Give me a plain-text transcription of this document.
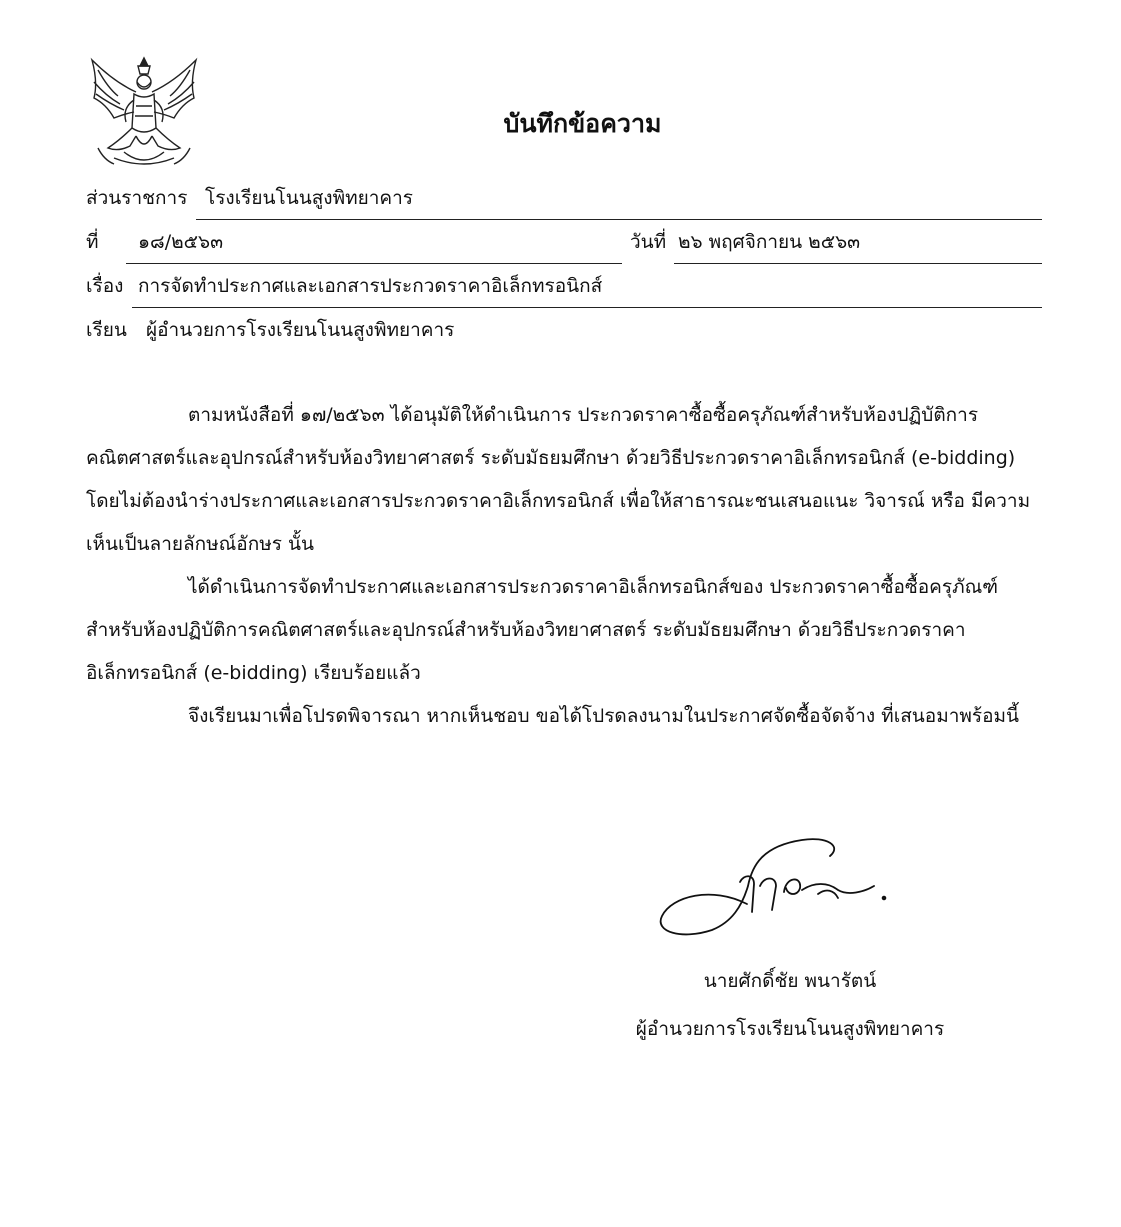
บันทึกข้อความ
ส่วนราชการ โรงเรียนโนนสูงพิทยาคาร
ที่ ๑๘/๒๕๖๓	วันที่ ๒๖ พฤศจิกายน ๒๕๖๓
เรื่อง การจัดทำประกาศและเอกสารประกวดราคาอิเล็กทรอนิกส์
เรียน ผู้อำนวยการโรงเรียนโนนสูงพิทยาคาร

ตามหนังสือที่ ๑๗/๒๕๖๓ ได้อนุมัติให้ดำเนินการ ประกวดราคาซื้อซื้อครุภัณฑ์สำหรับห้องปฏิบัติการคณิตศาสตร์และอุปกรณ์สำหรับห้องวิทยาศาสตร์ ระดับมัธยมศึกษา ด้วยวิธีประกวดราคาอิเล็กทรอนิกส์ (e-bidding) โดยไม่ต้องนำร่างประกาศและเอกสารประกวดราคาอิเล็กทรอนิกส์ เพื่อให้สาธารณะชนเสนอแนะ วิจารณ์ หรือ มีความเห็นเป็นลายลักษณ์อักษร นั้น

ได้ดำเนินการจัดทำประกาศและเอกสารประกวดราคาอิเล็กทรอนิกส์ของ ประกวดราคาซื้อซื้อครุภัณฑ์สำหรับห้องปฏิบัติการคณิตศาสตร์และอุปกรณ์สำหรับห้องวิทยาศาสตร์ ระดับมัธยมศึกษา ด้วยวิธีประกวดราคาอิเล็กทรอนิกส์ (e-bidding) เรียบร้อยแล้ว

จึงเรียนมาเพื่อโปรดพิจารณา หากเห็นชอบ ขอได้โปรดลงนามในประกาศจัดซื้อจัดจ้าง ที่เสนอมาพร้อมนี้

นายศักดิ์ชัย พนารัตน์
ผู้อำนวยการโรงเรียนโนนสูงพิทยาคาร
